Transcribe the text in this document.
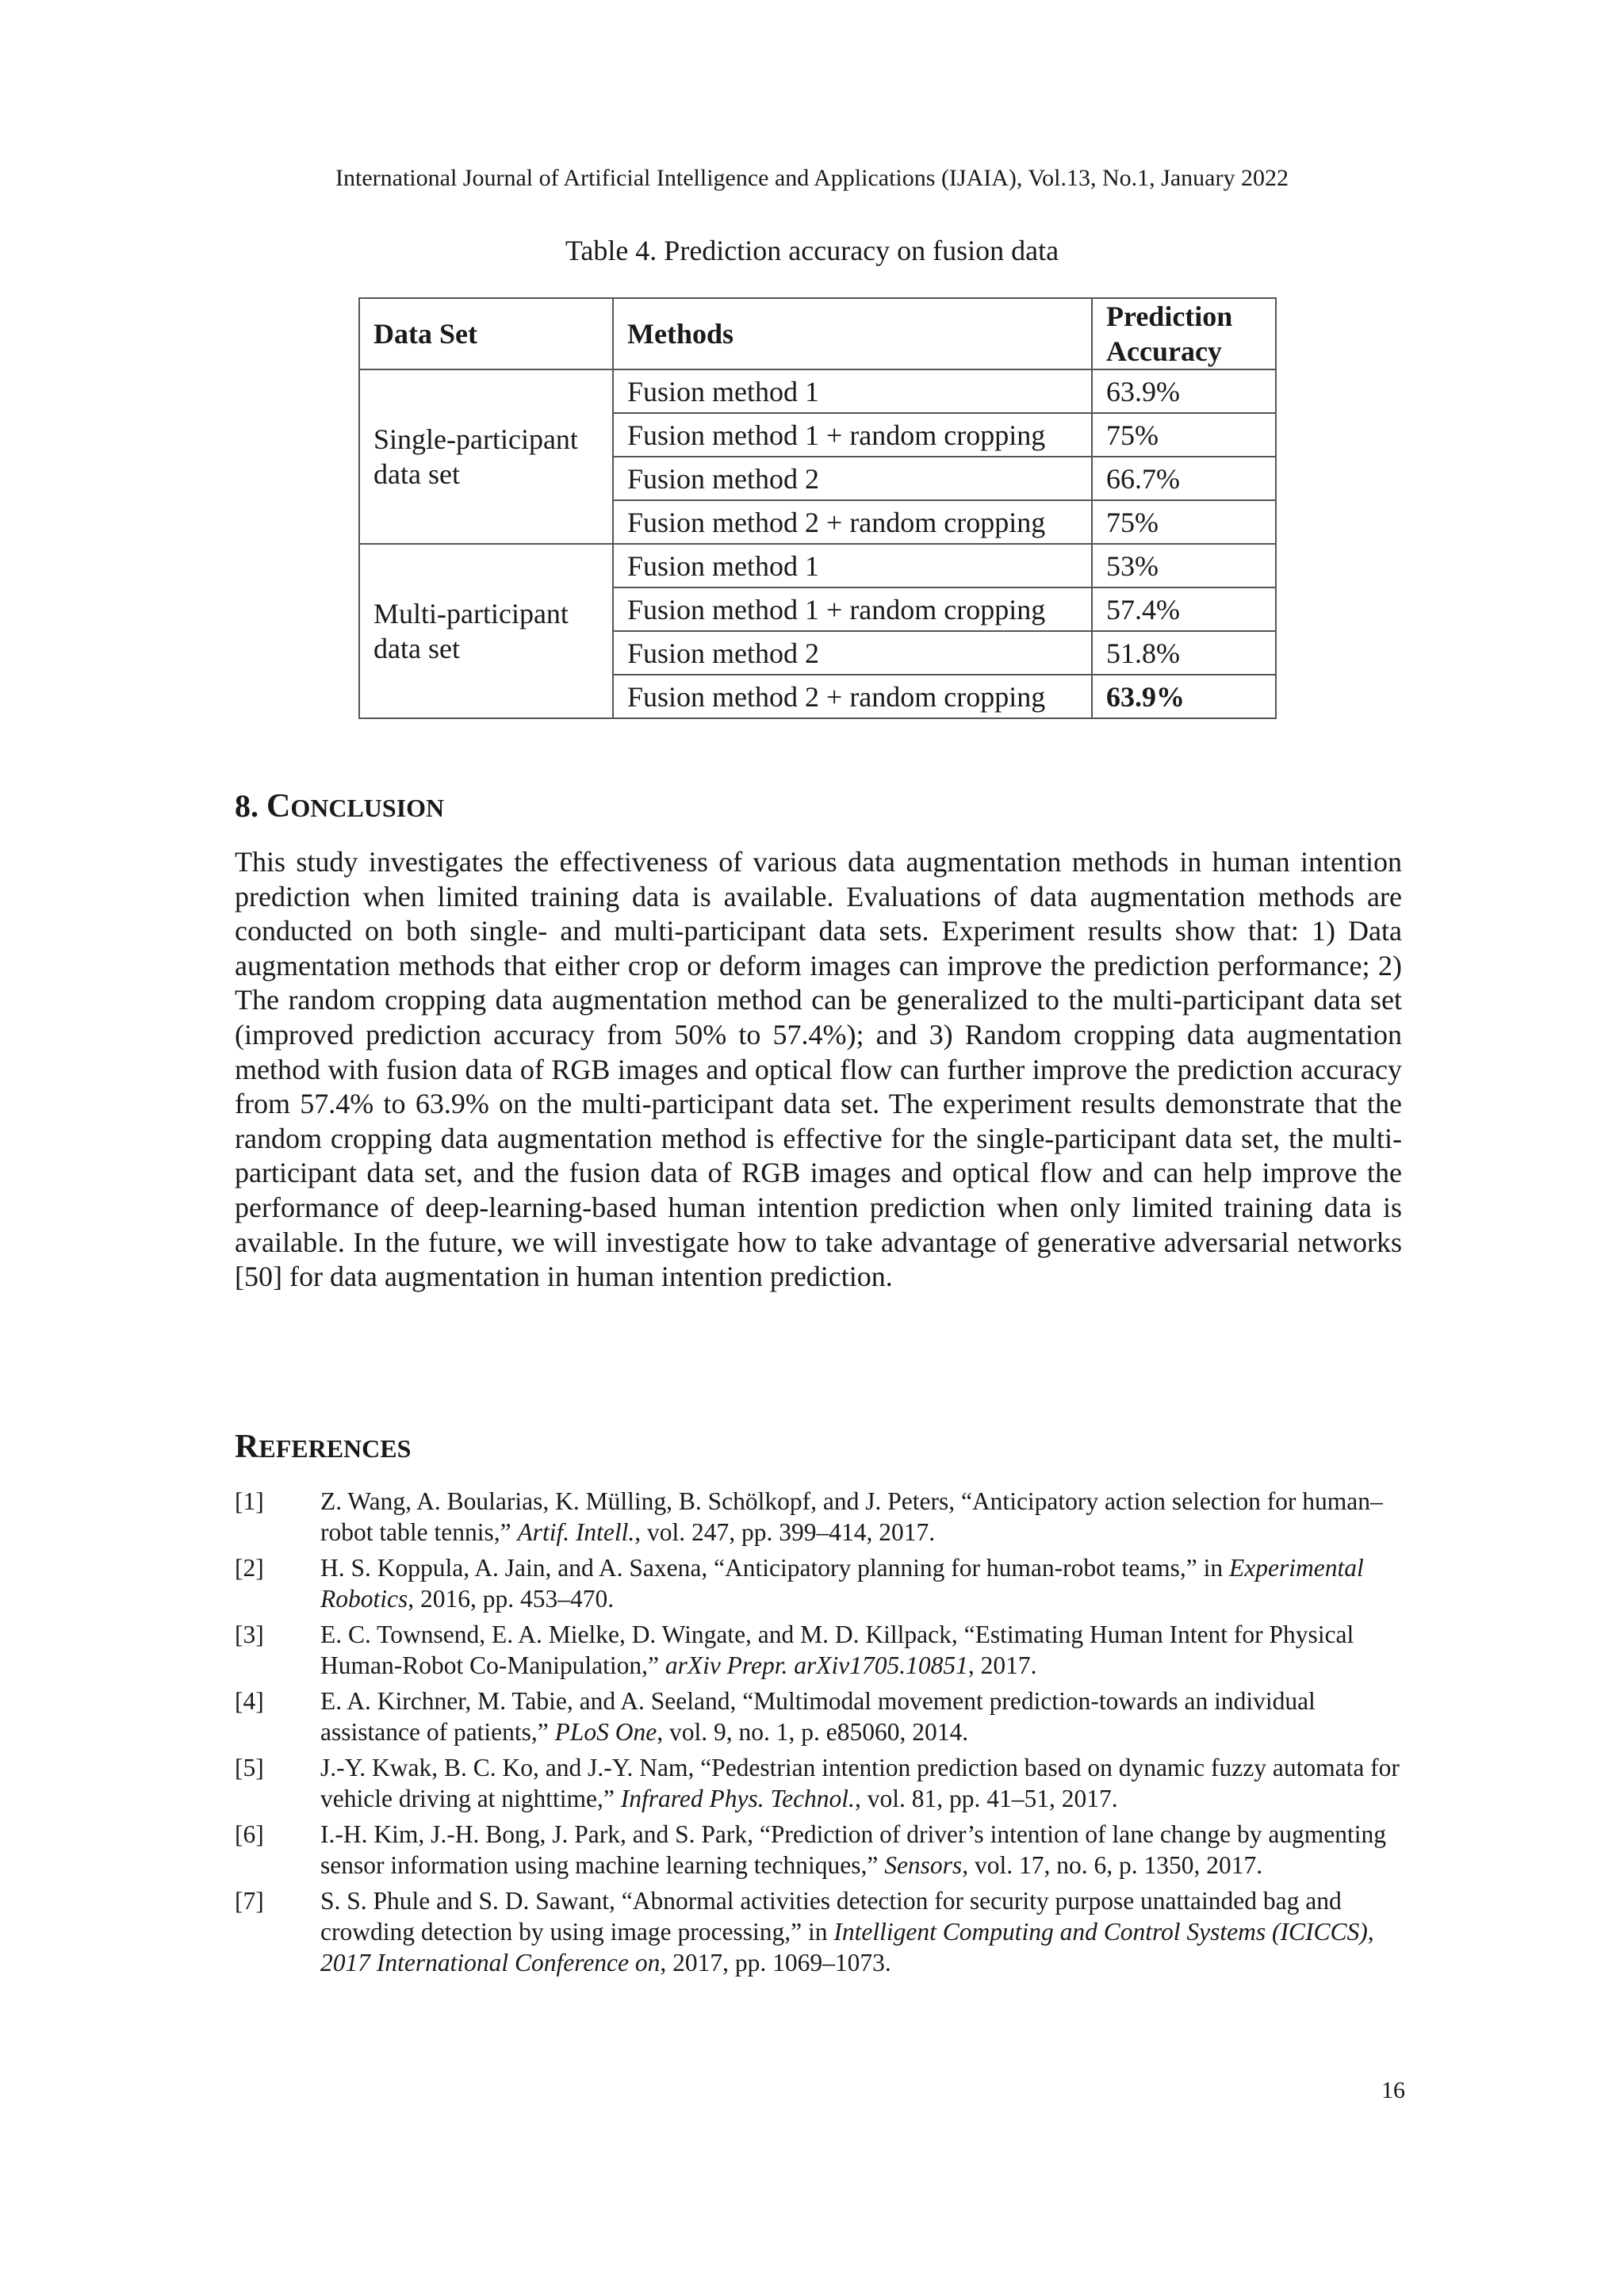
International Journal of Artificial Intelligence and Applications (IJAIA), Vol.13, No.1, January 2022
Table 4. Prediction accuracy on fusion data
Data Set	Methods	Prediction Accuracy
Single-participant data set	Fusion method 1	63.9%
	Fusion method 1 + random cropping	75%
	Fusion method 2	66.7%
	Fusion method 2 + random cropping	75%
Multi-participant data set	Fusion method 1	53%
	Fusion method 1 + random cropping	57.4%
	Fusion method 2	51.8%
	Fusion method 2 + random cropping	63.9%
8. CONCLUSION
This study investigates the effectiveness of various data augmentation methods in human intention prediction when limited training data is available. Evaluations of data augmentation methods are conducted on both single- and multi-participant data sets. Experiment results show that: 1) Data augmentation methods that either crop or deform images can improve the prediction performance; 2) The random cropping data augmentation method can be generalized to the multi-participant data set (improved prediction accuracy from 50% to 57.4%); and 3) Random cropping data augmentation method with fusion data of RGB images and optical flow can further improve the prediction accuracy from 57.4% to 63.9% on the multi-participant data set. The experiment results demonstrate that the random cropping data augmentation method is effective for the single-participant data set, the multi-participant data set, and the fusion data of RGB images and optical flow and can help improve the performance of deep-learning-based human intention prediction when only limited training data is available. In the future, we will investigate how to take advantage of generative adversarial networks [50] for data augmentation in human intention prediction.
REFERENCES
[1] Z. Wang, A. Boularias, K. Mülling, B. Schölkopf, and J. Peters, “Anticipatory action selection for human–robot table tennis,” Artif. Intell., vol. 247, pp. 399–414, 2017.
[2] H. S. Koppula, A. Jain, and A. Saxena, “Anticipatory planning for human-robot teams,” in Experimental Robotics, 2016, pp. 453–470.
[3] E. C. Townsend, E. A. Mielke, D. Wingate, and M. D. Killpack, “Estimating Human Intent for Physical Human-Robot Co-Manipulation,” arXiv Prepr. arXiv1705.10851, 2017.
[4] E. A. Kirchner, M. Tabie, and A. Seeland, “Multimodal movement prediction-towards an individual assistance of patients,” PLoS One, vol. 9, no. 1, p. e85060, 2014.
[5] J.-Y. Kwak, B. C. Ko, and J.-Y. Nam, “Pedestrian intention prediction based on dynamic fuzzy automata for vehicle driving at nighttime,” Infrared Phys. Technol., vol. 81, pp. 41–51, 2017.
[6] I.-H. Kim, J.-H. Bong, J. Park, and S. Park, “Prediction of driver’s intention of lane change by augmenting sensor information using machine learning techniques,” Sensors, vol. 17, no. 6, p. 1350, 2017.
[7] S. S. Phule and S. D. Sawant, “Abnormal activities detection for security purpose unattainded bag and crowding detection by using image processing,” in Intelligent Computing and Control Systems (ICICCS), 2017 International Conference on, 2017, pp. 1069–1073.
16
